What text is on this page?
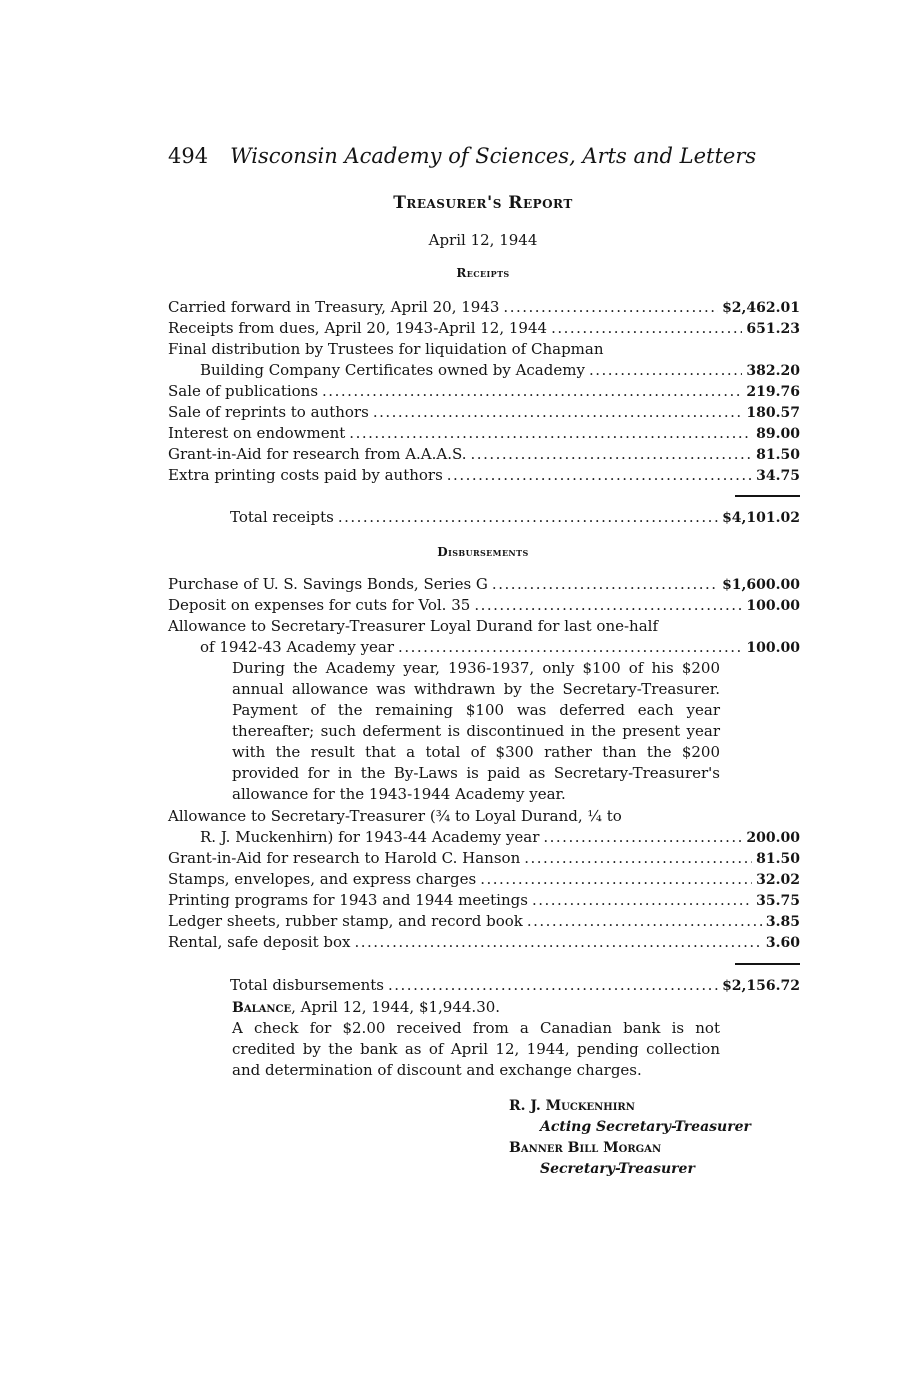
494 Wisconsin Academy of Sciences, Arts and Letters
Treasurer's Report
April 12, 1944
Receipts
Carried forward in Treasury, April 20, 1943 .....	$2,462.01
Receipts from dues, April 20, 1943-April 12, 1944 .....	651.23
Final distribution by Trustees for liquidation of Chapman
Building Company Certificates owned by Academy .....	382.20
Sale of publications .....	219.76
Sale of reprints to authors .....	180.57
Interest on endowment .....	89.00
Grant-in-Aid for research from A.A.A.S. .....	81.50
Extra printing costs paid by authors .....	34.75
Total receipts .....	$4,101.02
Disbursements
Purchase of U. S. Savings Bonds, Series G .....	$1,600.00
Deposit on expenses for cuts for Vol. 35 .....	100.00
Allowance to Secretary-Treasurer Loyal Durand for last one-half
of 1942-43 Academy year .....	100.00
During the Academy year, 1936-1937, only $100 of his $200 annual allowance was withdrawn by the Secretary-Treasurer. Payment of the remaining $100 was deferred each year thereafter; such deferment is discontinued in the present year with the result that a total of $300 rather than the $200 provided for in the By-Laws is paid as Secretary-Treasurer's allowance for the 1943-1944 Academy year.
Allowance to Secretary-Treasurer (¾ to Loyal Durand, ¼ to
R. J. Muckenhirn) for 1943-44 Academy year .....	200.00
Grant-in-Aid for research to Harold C. Hanson .....	81.50
Stamps, envelopes, and express charges .....	32.02
Printing programs for 1943 and 1944 meetings .....	35.75
Ledger sheets, rubber stamp, and record book .....	3.85
Rental, safe deposit box .....	3.60
Total disbursements .....	$2,156.72
Balance, April 12, 1944, $1,944.30.
A check for $2.00 received from a Canadian bank is not credited by the bank as of April 12, 1944, pending collection and determination of discount and exchange charges.
R. J. Muckenhirn
Acting Secretary-Treasurer
Banner Bill Morgan
Secretary-Treasurer
